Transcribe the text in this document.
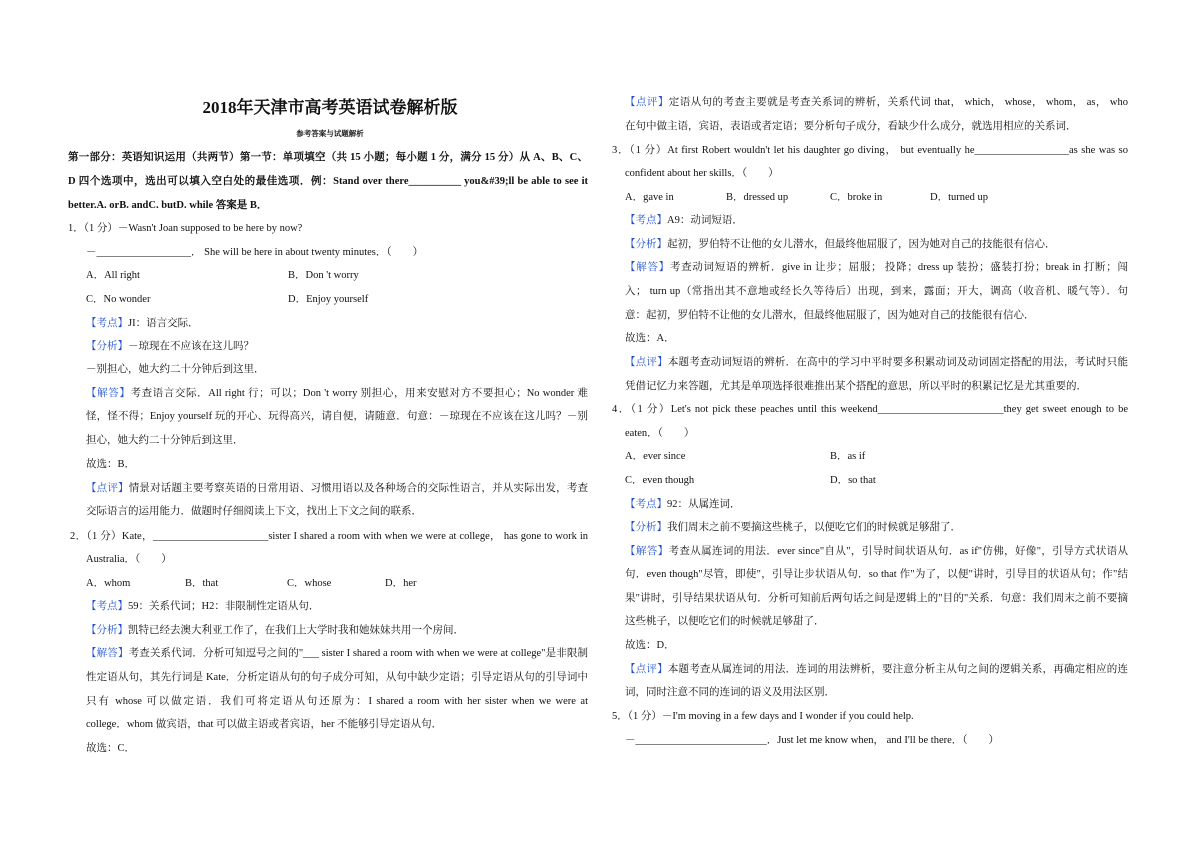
2018年天津市高考英语试卷解析版
参考答案与试题解析
第一部分：英语知识运用（共两节）第一节：单项填空（共 15 小题；每小题 1 分，满分 15 分）从 A、B、C、
D 四个选项中，选出可以填入空白处的最佳选项．例：Stand over there__________ you&#39;ll be able to see it
better.A. orB. andC. butD. while 答案是 B．
1．（1 分）－Wasn't Joan supposed to be here by now?
－__________________． She will be here in about twenty minutes．（　　）
A．All right	B．Don 't worry
C．No wonder	D．Enjoy yourself
【考点】JI：语言交际．
【分析】－琼现在不应该在这儿吗？
－别担心，她大约二十分钟后到这里．
【解答】考查语言交际．All right 行；可以；Don 't worry 别担心，用来安慰对方不要担心；No wonder 难
怪，怪不得；Enjoy yourself 玩的开心、玩得高兴，请自便，请随意．句意：－琼现在不应该在这儿吗？－别
担心，她大约二十分钟后到这里．
故选：B．
【点评】情景对话题主要考察英语的日常用语、习惯用语以及各种场合的交际性语言，并从实际出发，考查
交际语言的运用能力．做题时仔细阅读上下文，找出上下文之间的联系．
2．（1 分）Kate，______________________sister I shared a room with when we were at college， has gone to work in
Australia．（　　）
A．whom	B．that	C．whose	D．her
【考点】59：关系代词；H2：非限制性定语从句．
【分析】凯特已经去澳大利亚工作了，在我们上大学时我和她妹妹共用一个房间．
【解答】考查关系代词．分析可知逗号之间的"___ sister I shared a room with when we were at college"是非限制
性定语从句，其先行词是 Kate．分析定语从句的句子成分可知，从句中缺少定语；引导定语从句的引导词中
只有 whose 可以做定语．我们可将定语从句还原为：I shared a room with her sister when we were at
college．whom 做宾语，that 可以做主语或者宾语，her 不能够引导定语从句．
故选：C．
【点评】定语从句的考查主要就是考查关系词的辨析，关系代词 that， which， whose， whom， as， who
在句中做主语，宾语，表语或者定语；要分析句子成分，看缺少什么成分，就选用相应的关系词．
3．（1 分）At first Robert wouldn't let his daughter go diving， but eventually he__________________as she was so
confident about her skills．（　　）
A．gave in	B．dressed up	C．broke in	D．turned up
【考点】A9：动词短语．
【分析】起初，罗伯特不让他的女儿潜水，但最终他屈服了，因为她对自己的技能很有信心．
【解答】考查动词短语的辨析．give in 让步；屈服； 投降；dress up 装扮；盛装打扮；break in 打断；闯
入； turn up（常指出其不意地或经长久等待后）出现，到来，露面；开大，调高（收音机、暖气等）．句
意：起初，罗伯特不让他的女儿潜水，但最终他屈服了，因为她对自己的技能很有信心．
故选：A．
【点评】本题考查动词短语的辨析．在高中的学习中平时要多积累动词及动词固定搭配的用法，考试时只能
凭借记忆力来答题，尤其是单项选择很难推出某个搭配的意思，所以平时的积累记忆是尤其重要的．
4．（1 分）Let's not pick these peaches until this weekend________________________they get sweet enough to be
eaten．（　　）
A．ever since	B．as if
C．even though	D．so that
【考点】92：从属连词．
【分析】我们周末之前不要摘这些桃子，以便吃它们的时候就足够甜了．
【解答】考查从属连词的用法．ever since"自从"，引导时间状语从句．as if"仿佛，好像"，引导方式状语从
句．even though"尽管，即使"，引导让步状语从句．so that 作"为了，以便"讲时，引导目的状语从句；作"结
果"讲时，引导结果状语从句．分析可知前后两句话之间是逻辑上的"目的"关系．句意：我们周末之前不要摘
这些桃子，以便吃它们的时候就足够甜了．
故选：D．
【点评】本题考查从属连词的用法．连词的用法辨析，要注意分析主从句之间的逻辑关系，再确定相应的连
词，同时注意不同的连词的语义及用法区别．
5．（1 分）－I'm moving in a few days and I wonder if you could help.
－_________________________．Just let me know when， and I'll be there．（　　）
